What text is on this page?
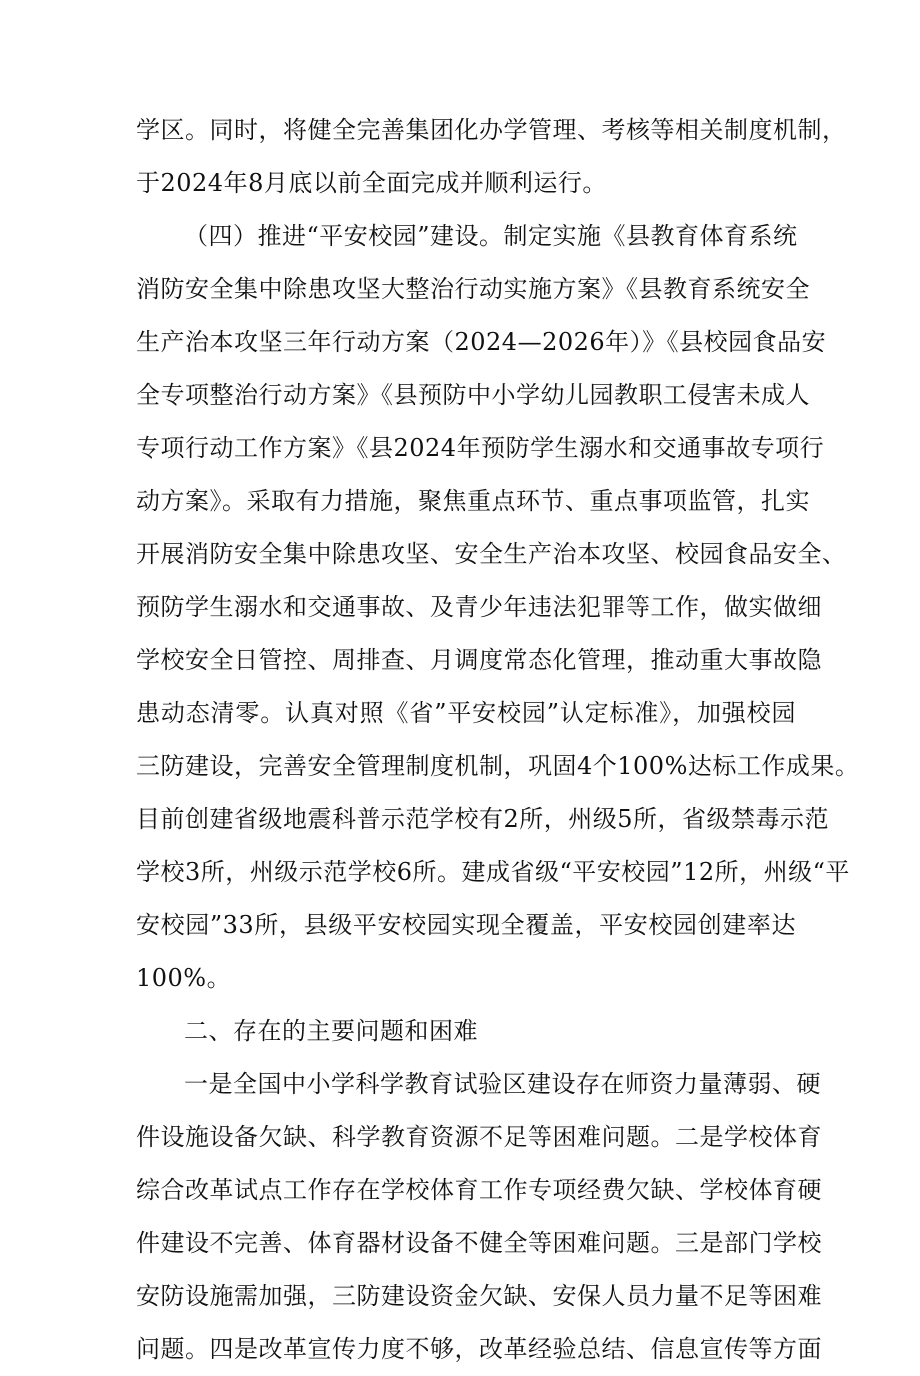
学区。同时，将健全完善集团化办学管理、考核等相关制度机制，
于2024年8月底以前全面完成并顺利运行。
（四）推进“平安校园”建设。制定实施《县教育体育系统
消防安全集中除患攻坚大整治行动实施方案》《县教育系统安全
生产治本攻坚三年行动方案（2024—2026年）》《县校园食品安
全专项整治行动方案》《县预防中小学幼儿园教职工侵害未成人
专项行动工作方案》《县2024年预防学生溺水和交通事故专项行
动方案》。采取有力措施，聚焦重点环节、重点事项监管，扎实
开展消防安全集中除患攻坚、安全生产治本攻坚、校园食品安全、
预防学生溺水和交通事故、及青少年违法犯罪等工作，做实做细
学校安全日管控、周排查、月调度常态化管理，推动重大事故隐
患动态清零。认真对照《省”平安校园”认定标准》，加强校园
三防建设，完善安全管理制度机制，巩固4个100%达标工作成果。
目前创建省级地震科普示范学校有2所，州级5所，省级禁毒示范
学校3所，州级示范学校6所。建成省级“平安校园”12所，州级“平
安校园”33所，县级平安校园实现全覆盖，平安校园创建率达
100%。
二、存在的主要问题和困难
一是全国中小学科学教育试验区建设存在师资力量薄弱、硬
件设施设备欠缺、科学教育资源不足等困难问题。二是学校体育
综合改革试点工作存在学校体育工作专项经费欠缺、学校体育硬
件建设不完善、体育器材设备不健全等困难问题。三是部门学校
安防设施需加强，三防建设资金欠缺、安保人员力量不足等困难
问题。四是改革宣传力度不够，改革经验总结、信息宣传等方面
